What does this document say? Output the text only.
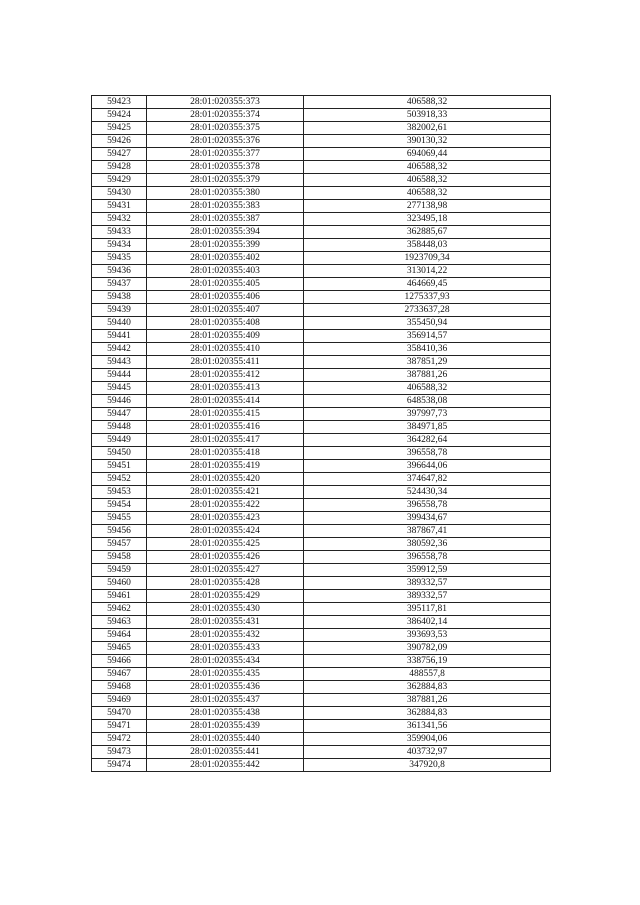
59423	28:01:020355:373	406588,32
59424	28:01:020355:374	503918,33
59425	28:01:020355:375	382002,61
59426	28:01:020355:376	390130,32
59427	28:01:020355:377	694069,44
59428	28:01:020355:378	406588,32
59429	28:01:020355:379	406588,32
59430	28:01:020355:380	406588,32
59431	28:01:020355:383	277138,98
59432	28:01:020355:387	323495,18
59433	28:01:020355:394	362885,67
59434	28:01:020355:399	358448,03
59435	28:01:020355:402	1923709,34
59436	28:01:020355:403	313014,22
59437	28:01:020355:405	464669,45
59438	28:01:020355:406	1275337,93
59439	28:01:020355:407	2733637,28
59440	28:01:020355:408	355450,94
59441	28:01:020355:409	356914,57
59442	28:01:020355:410	358410,36
59443	28:01:020355:411	387851,29
59444	28:01:020355:412	387881,26
59445	28:01:020355:413	406588,32
59446	28:01:020355:414	648538,08
59447	28:01:020355:415	397997,73
59448	28:01:020355:416	384971,85
59449	28:01:020355:417	364282,64
59450	28:01:020355:418	396558,78
59451	28:01:020355:419	396644,06
59452	28:01:020355:420	374647,82
59453	28:01:020355:421	524430,34
59454	28:01:020355:422	396558,78
59455	28:01:020355:423	399434,67
59456	28:01:020355:424	387867,41
59457	28:01:020355:425	380592,36
59458	28:01:020355:426	396558,78
59459	28:01:020355:427	359912,59
59460	28:01:020355:428	389332,57
59461	28:01:020355:429	389332,57
59462	28:01:020355:430	395117,81
59463	28:01:020355:431	386402,14
59464	28:01:020355:432	393693,53
59465	28:01:020355:433	390782,09
59466	28:01:020355:434	338756,19
59467	28:01:020355:435	488557,8
59468	28:01:020355:436	362884,83
59469	28:01:020355:437	387881,26
59470	28:01:020355:438	362884,83
59471	28:01:020355:439	361341,56
59472	28:01:020355:440	359904,06
59473	28:01:020355:441	403732,97
59474	28:01:020355:442	347920,8
